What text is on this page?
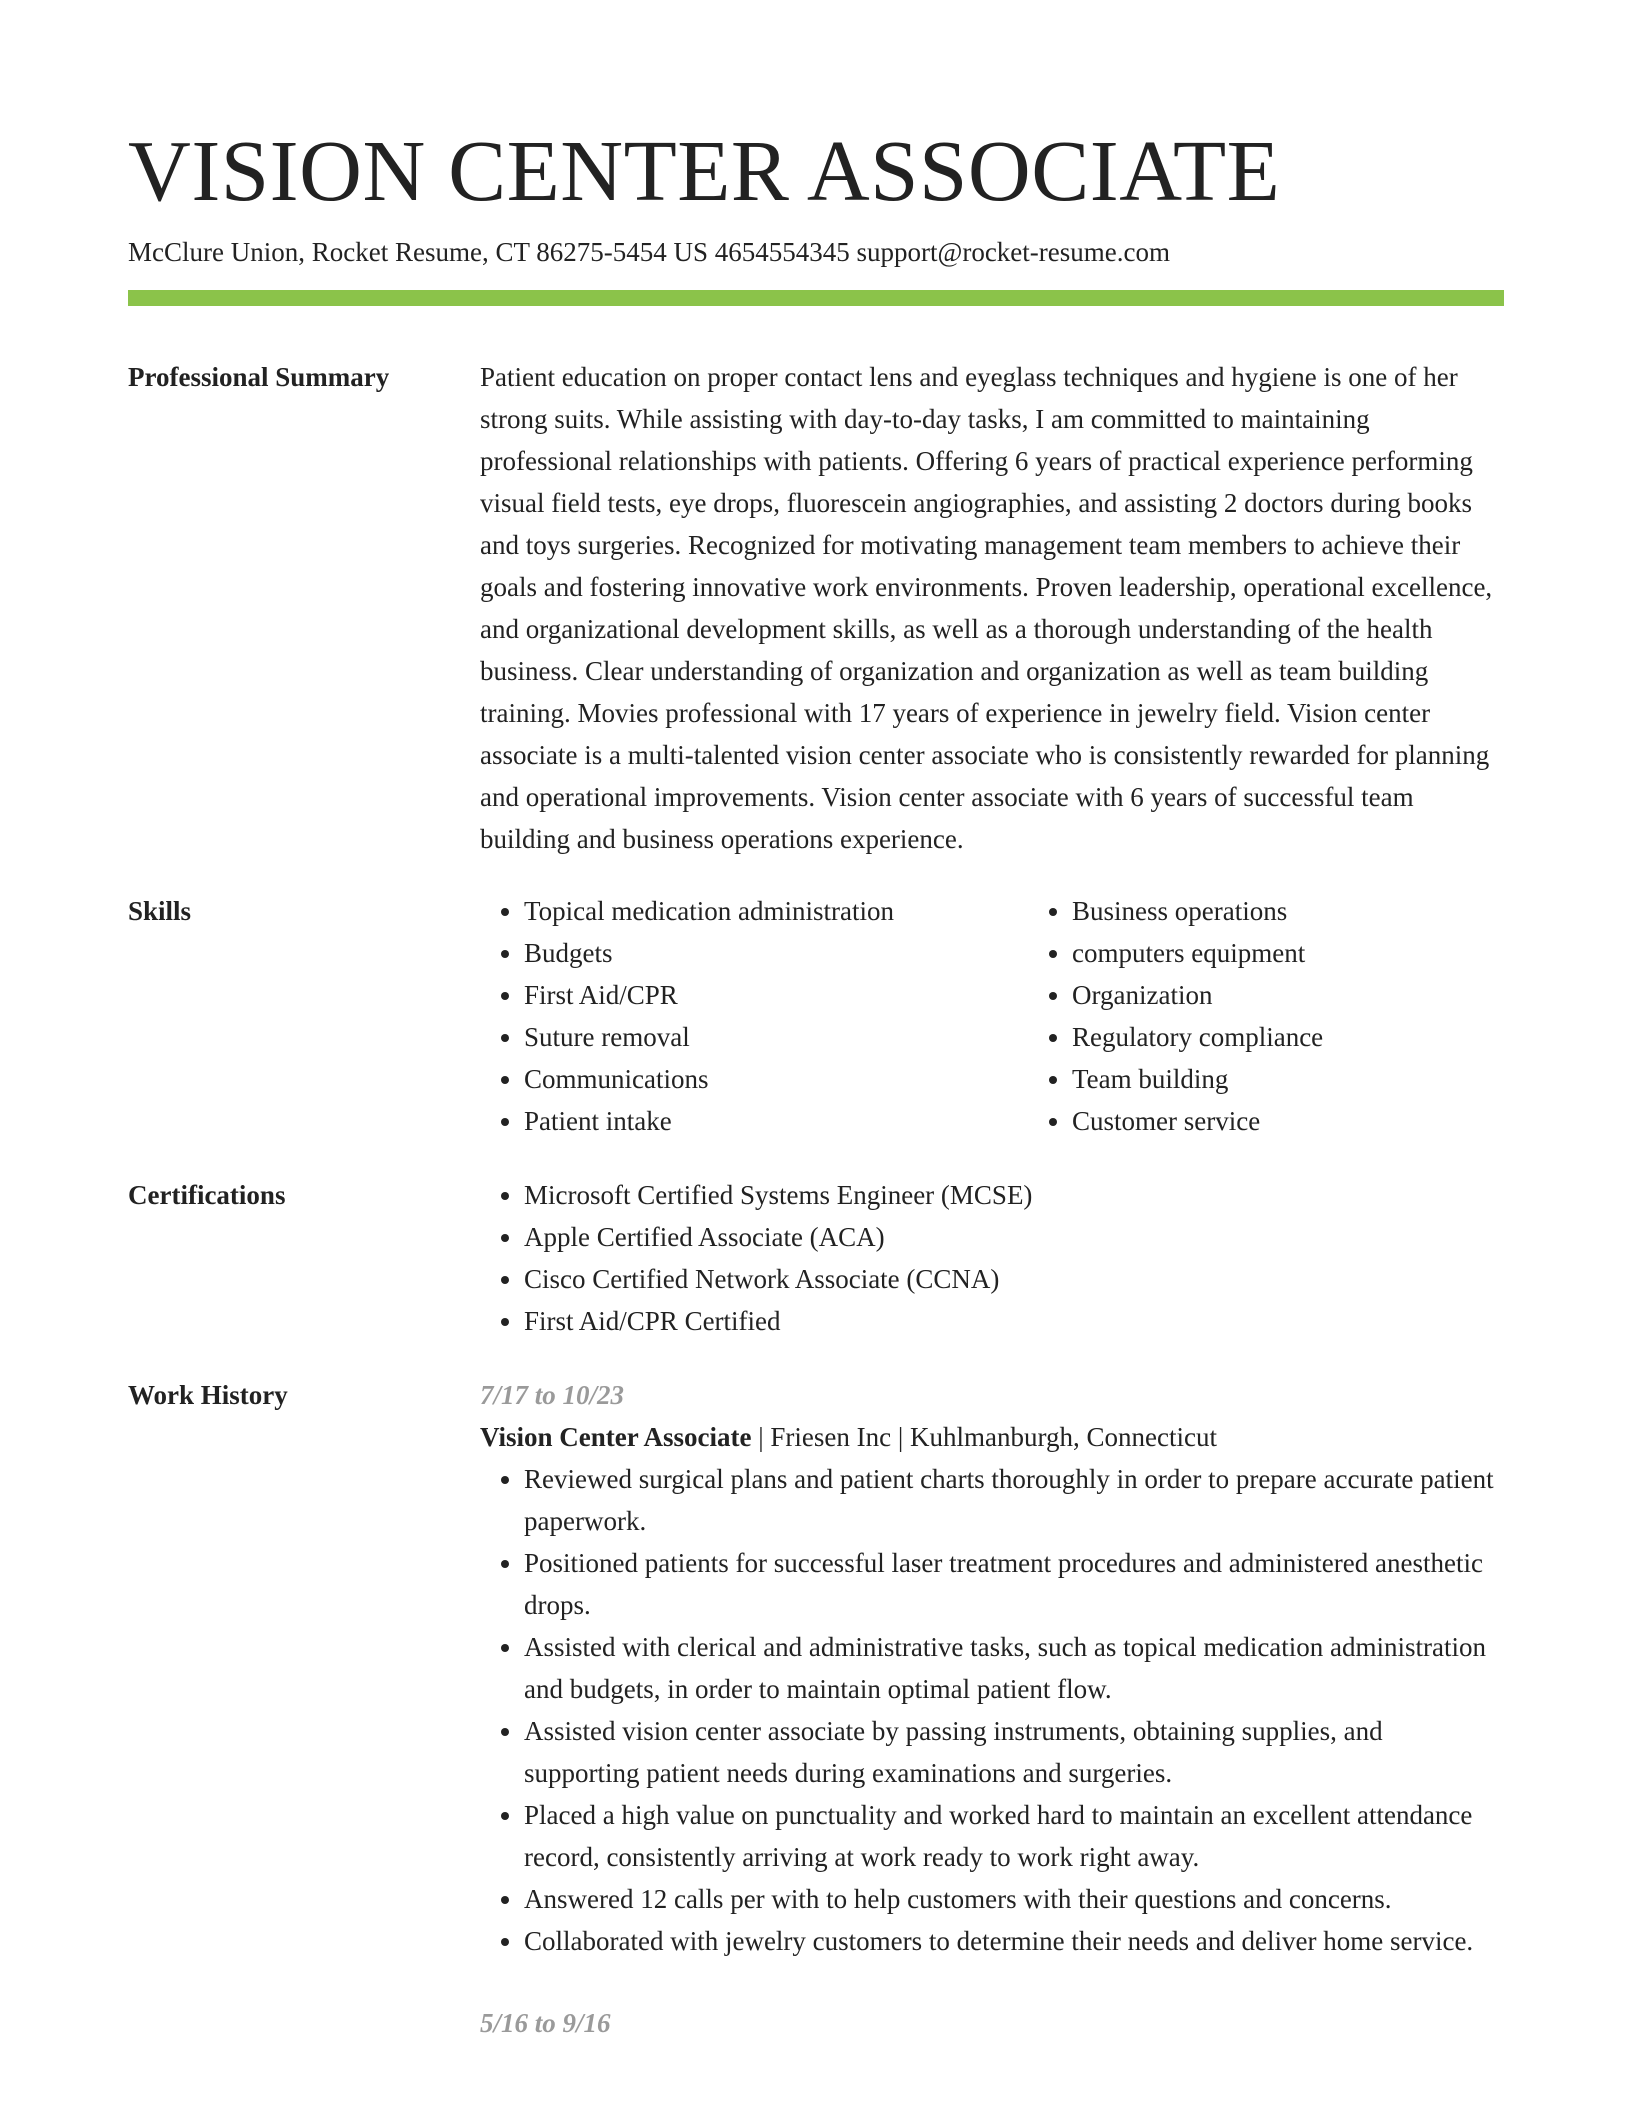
VISION CENTER ASSOCIATE
McClure Union, Rocket Resume, CT 86275-5454 US 4654554345 support@rocket-resume.com
Professional Summary	Patient education on proper contact lens and eyeglass techniques and hygiene is one of her strong suits. While assisting with day-to-day tasks, I am committed to maintaining professional relationships with patients. Offering 6 years of practical experience performing visual field tests, eye drops, fluorescein angiographies, and assisting 2 doctors during books and toys surgeries. Recognized for motivating management team members to achieve their goals and fostering innovative work environments. Proven leadership, operational excellence, and organizational development skills, as well as a thorough understanding of the health business. Clear understanding of organization and organization as well as team building training. Movies professional with 17 years of experience in jewelry field. Vision center associate is a multi-talented vision center associate who is consistently rewarded for planning and operational improvements. Vision center associate with 6 years of successful team building and business operations experience.
Skills	• Topical medication administration
• Budgets
• First Aid/CPR
• Suture removal
• Communications
• Patient intake
• Business operations
• computers equipment
• Organization
• Regulatory compliance
• Team building
• Customer service
Certifications	• Microsoft Certified Systems Engineer (MCSE)
• Apple Certified Associate (ACA)
• Cisco Certified Network Associate (CCNA)
• First Aid/CPR Certified
Work History	7/17 to 10/23
Vision Center Associate | Friesen Inc | Kuhlmanburgh, Connecticut
• Reviewed surgical plans and patient charts thoroughly in order to prepare accurate patient paperwork.
• Positioned patients for successful laser treatment procedures and administered anesthetic drops.
• Assisted with clerical and administrative tasks, such as topical medication administration and budgets, in order to maintain optimal patient flow.
• Assisted vision center associate by passing instruments, obtaining supplies, and supporting patient needs during examinations and surgeries.
• Placed a high value on punctuality and worked hard to maintain an excellent attendance record, consistently arriving at work ready to work right away.
• Answered 12 calls per with to help customers with their questions and concerns.
• Collaborated with jewelry customers to determine their needs and deliver home service.
5/16 to 9/16
